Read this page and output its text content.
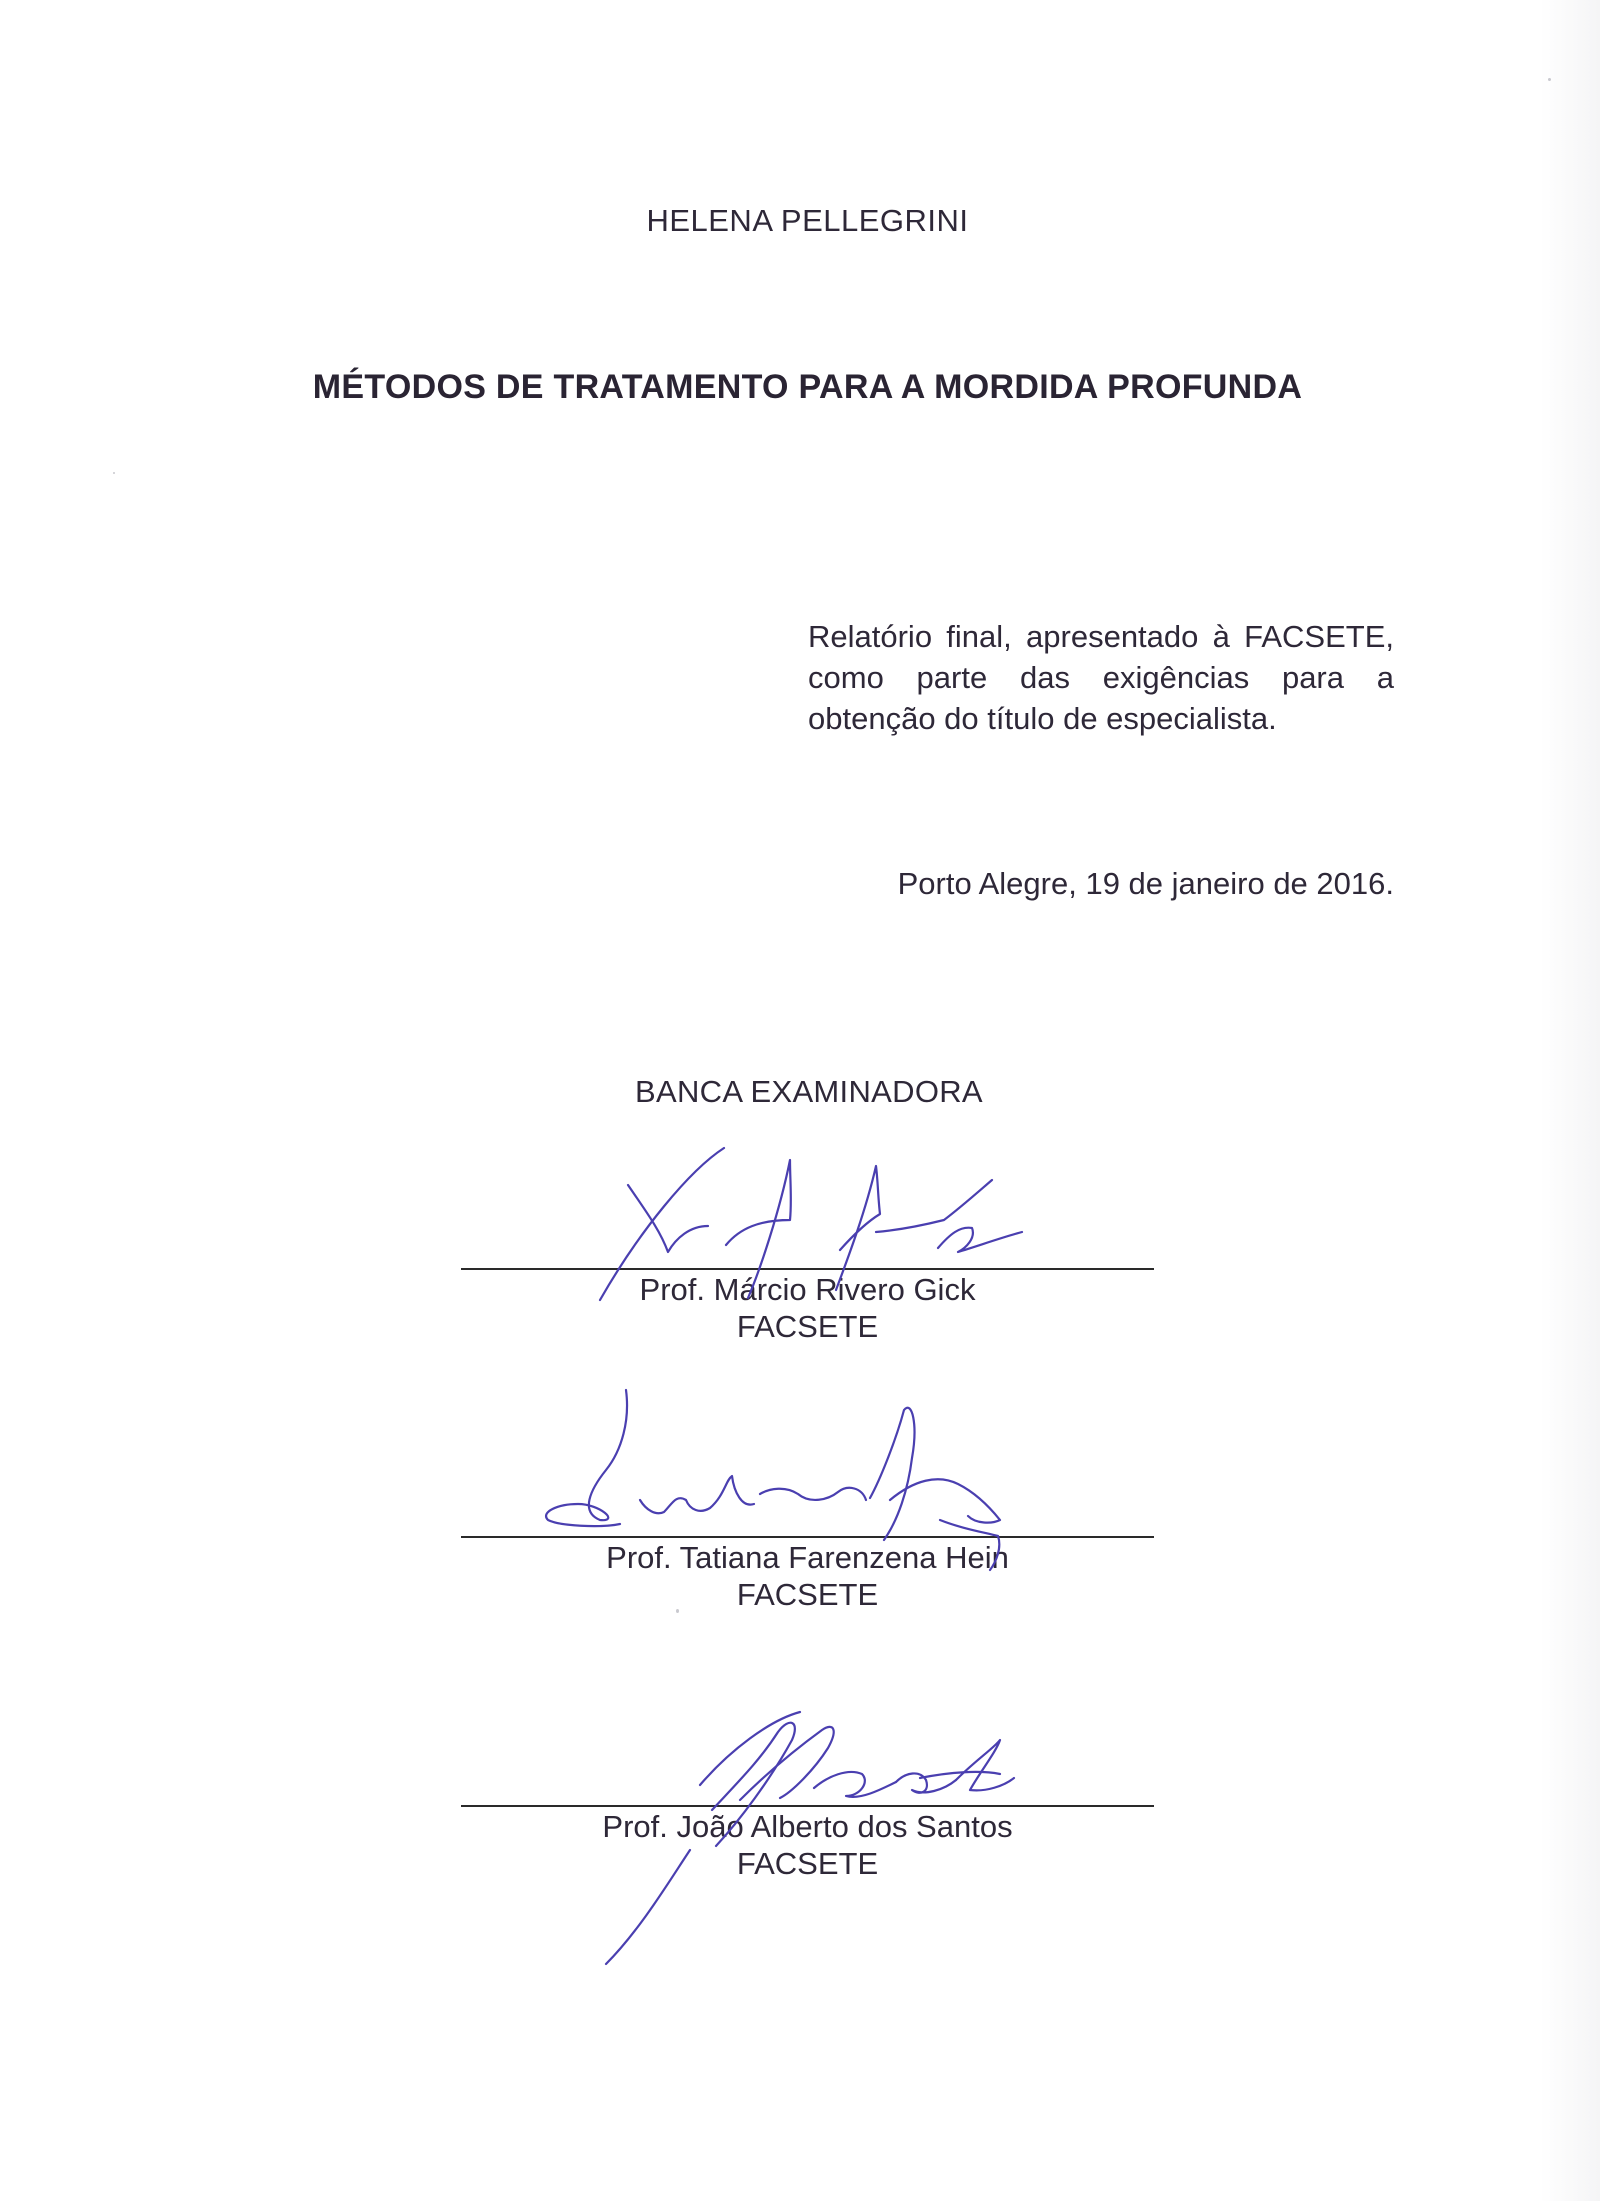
HELENA PELLEGRINI
MÉTODOS DE TRATAMENTO PARA A MORDIDA PROFUNDA
Relatório final, apresentado à FACSETE, como parte das exigências para a obtenção do título de especialista.
Porto Alegre, 19 de janeiro de 2016.
BANCA EXAMINADORA
Prof. Márcio Rivero Gick
FACSETE
Prof. Tatiana Farenzena Hein
FACSETE
Prof. João Alberto dos Santos
FACSETE
